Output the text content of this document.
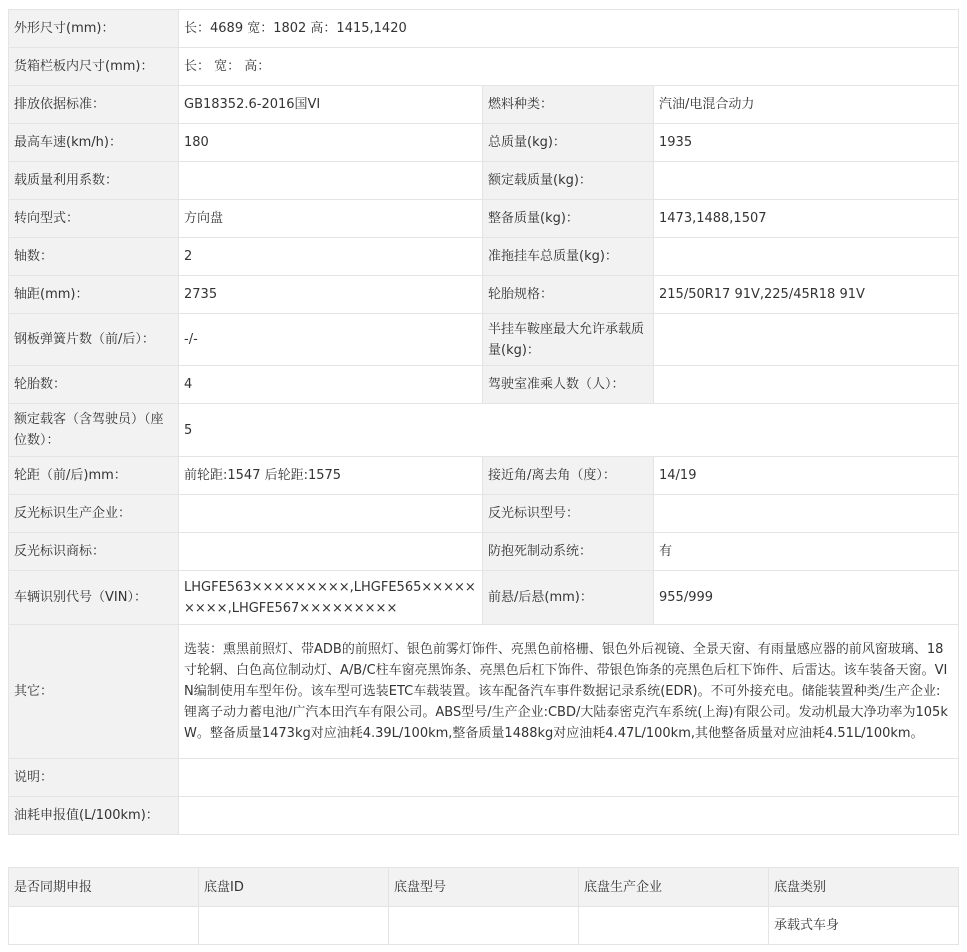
外形尺寸(mm)：	长：4689 宽：1802 高：1415,1420		
货箱栏板内尺寸(mm)：	长： 宽： 高：		
排放依据标准：	GB18352.6-2016国VI	燃料种类：	汽油/电混合动力
最高车速(km/h)：	180	总质量(kg)：	1935
载质量利用系数：		额定载质量(kg)：	
转向型式：	方向盘	整备质量(kg)：	1473,1488,1507
轴数：	2	准拖挂车总质量(kg)：	
轴距(mm)：	2735	轮胎规格：	215/50R17 91V,225/45R18 91V
钢板弹簧片数（前/后）：	-/-	半挂车鞍座最大允许承载质量(kg)：	
轮胎数：	4	驾驶室准乘人数（人）：	
额定载客（含驾驶员）（座位数）：	5		
轮距（前/后)mm：	前轮距:1547 后轮距:1575	接近角/离去角（度）：	14/19
反光标识生产企业：		反光标识型号：	
反光标识商标：		防抱死制动系统：	有
车辆识别代号（VIN）：	LHGFE563×××××××××,LHGFE565×××××××××,LHGFE567×××××××××	前悬/后悬(mm)：	955/999
其它：	选装：熏黑前照灯、带ADB的前照灯、银色前雾灯饰件、亮黑色前格栅、银色外后视镜、全景天窗、有雨量感应器的前风窗玻璃、18寸轮辋、白色高位制动灯、A/B/C柱车窗亮黑饰条、亮黑色后杠下饰件、带银色饰条的亮黑色后杠下饰件、后雷达。该车装备天窗。VIN编制使用车型年份。该车型可选装ETC车载装置。该车配备汽车事件数据记录系统(EDR)。不可外接充电。储能装置种类/生产企业:锂离子动力蓄电池/广汽本田汽车有限公司。ABS型号/生产企业:CBD/大陆泰密克汽车系统(上海)有限公司。发动机最大净功率为105kW。整备质量1473kg对应油耗4.39L/100km,整备质量1488kg对应油耗4.47L/100km,其他整备质量对应油耗4.51L/100km。		
说明：			
油耗申报值(L/100km)：			
是否同期申报	底盘ID	底盘型号	底盘生产企业	底盘类别
				承载式车身
